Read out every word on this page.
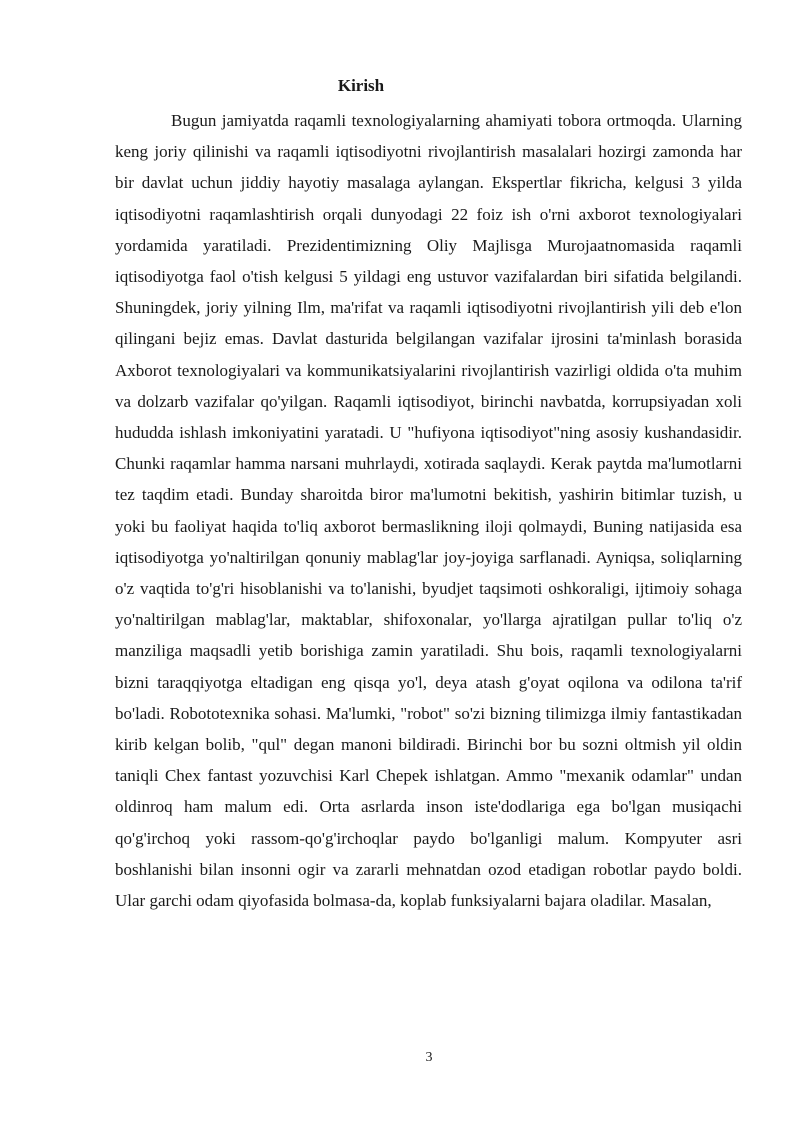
Kirish

Bugun jamiyatda raqamli texnologiyalarning ahamiyati tobora ortmoqda. Ularning keng joriy qilinishi va raqamli iqtisodiyotni rivojlantirish masalalari hozirgi zamonda har bir davlat uchun jiddiy hayotiy masalaga aylangan. Ekspertlar fikricha, kelgusi 3 yilda iqtisodiyotni raqamlashtirish orqali dunyodagi 22 foiz ish o'rni axborot texnologiyalari yordamida yaratiladi. Prezidentimizning Oliy Majlisga Murojaatnomasida raqamli iqtisodiyotga faol o'tish kelgusi 5 yildagi eng ustuvor vazifalardan biri sifatida belgilandi. Shuningdek, joriy yilning Ilm, ma'rifat va raqamli iqtisodiyotni rivojlantirish yili deb e'lon qilingani bejiz emas. Davlat dasturida belgilangan vazifalar ijrosini ta'minlash borasida Axborot texnologiyalari va kommunikatsiyalarini rivojlantirish vazirligi oldida o'ta muhim va dolzarb vazifalar qo'yilgan. Raqamli iqtisodiyot, birinchi navbatda, korrupsiyadan xoli hududda ishlash imkoniyatini yaratadi. U "hufiyona iqtisodiyot"ning asosiy kushandasidir. Chunki raqamlar hamma narsani muhrlaydi, xotirada saqlaydi. Kerak paytda ma'lumotlarni tez taqdim etadi. Bunday sharoitda biror ma'lumotni bekitish, yashirin bitimlar tuzish, u yoki bu faoliyat haqida to'liq axborot bermaslikning iloji qolmaydi, Buning natijasida esa iqtisodiyotga yo'naltirilgan qonuniy mablag'lar joy-joyiga sarflanadi. Ayniqsa, soliqlarning o'z vaqtida to'g'ri hisoblanishi va to'lanishi, byudjet taqsimoti oshkoraligi, ijtimoiy sohaga yo'naltirilgan mablag'lar, maktablar, shifoxonalar, yo'llarga ajratilgan pullar to'liq o'z manziliga maqsadli yetib borishiga zamin yaratiladi. Shu bois, raqamli texnologiyalarni bizni taraqqiyotga eltadigan eng qisqa yo'l, deya atash g'oyat oqilona va odilona ta'rif bo'ladi. Robototexnika sohasi. Ma'lumki, "robot" so'zi bizning tilimizga ilmiy fantastikadan kirib kelgan bolib, "qul" degan manoni bildiradi. Birinchi bor bu sozni oltmish yil oldin taniqli Chex fantast yozuvchisi Karl Chepek ishlatgan. Ammo "mexanik odamlar" undan oldinroq ham malum edi. Orta asrlarda inson iste'dodlariga ega bo'lgan musiqachi qo'g'irchoq yoki rassom-qo'g'irchoqlar paydo bo'lganligi malum. Kompyuter asri boshlanishi bilan insonni ogir va zararli mehnatdan ozod etadigan robotlar paydo boldi. Ular garchi odam qiyofasida bolmasa-da, koplab funksiyalarni bajara oladilar. Masalan,

3
